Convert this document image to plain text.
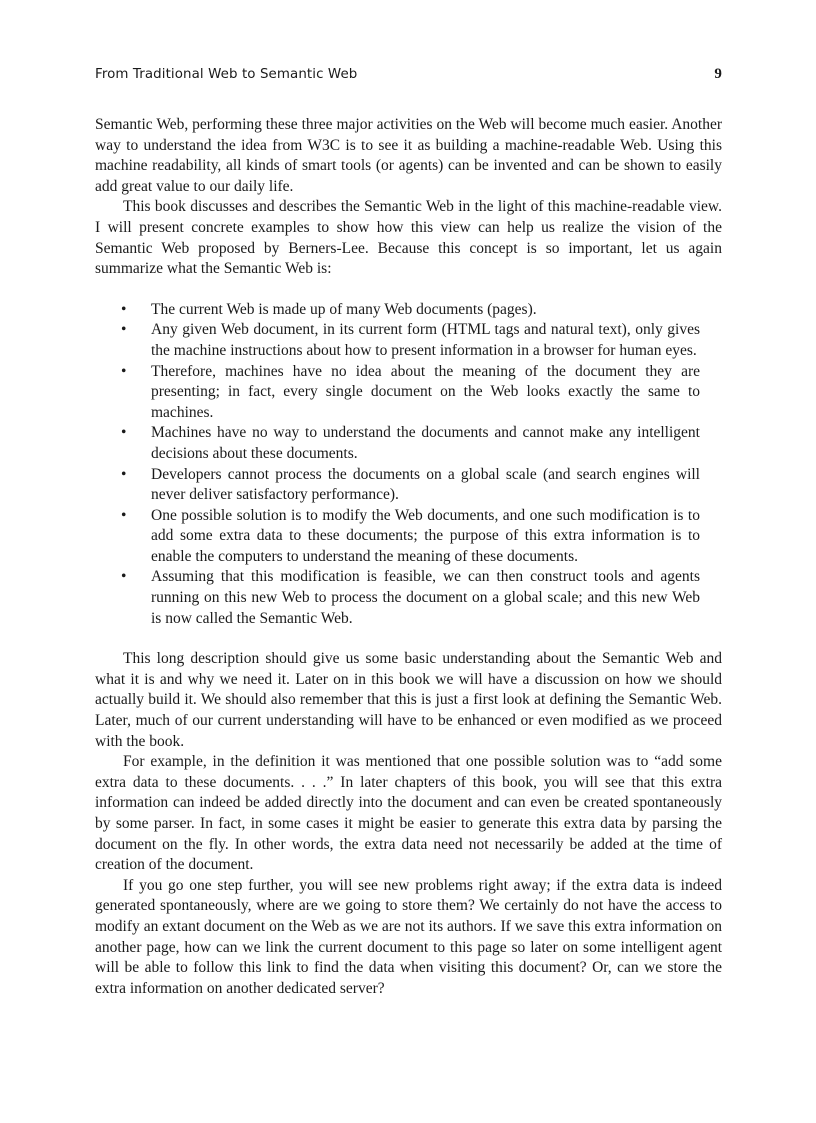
From Traditional Web to Semantic Web	9

Semantic Web, performing these three major activities on the Web will become much easier. Another way to understand the idea from W3C is to see it as building a machine-readable Web. Using this machine readability, all kinds of smart tools (or agents) can be invented and can be shown to easily add great value to our daily life.

This book discusses and describes the Semantic Web in the light of this machine-readable view. I will present concrete examples to show how this view can help us realize the vision of the Semantic Web proposed by Berners-Lee. Because this concept is so important, let us again summarize what the Semantic Web is:

• The current Web is made up of many Web documents (pages).
• Any given Web document, in its current form (HTML tags and natural text), only gives the machine instructions about how to present information in a browser for human eyes.
• Therefore, machines have no idea about the meaning of the document they are presenting; in fact, every single document on the Web looks exactly the same to machines.
• Machines have no way to understand the documents and cannot make any intelligent decisions about these documents.
• Developers cannot process the documents on a global scale (and search engines will never deliver satisfactory performance).
• One possible solution is to modify the Web documents, and one such modification is to add some extra data to these documents; the purpose of this extra information is to enable the computers to understand the meaning of these documents.
• Assuming that this modification is feasible, we can then construct tools and agents running on this new Web to process the document on a global scale; and this new Web is now called the Semantic Web.

This long description should give us some basic understanding about the Semantic Web and what it is and why we need it. Later on in this book we will have a discussion on how we should actually build it. We should also remember that this is just a first look at defining the Semantic Web. Later, much of our current understanding will have to be enhanced or even modified as we proceed with the book.

For example, in the definition it was mentioned that one possible solution was to “add some extra data to these documents. . . .” In later chapters of this book, you will see that this extra information can indeed be added directly into the document and can even be created spontaneously by some parser. In fact, in some cases it might be easier to generate this extra data by parsing the document on the fly. In other words, the extra data need not necessarily be added at the time of creation of the document.

If you go one step further, you will see new problems right away; if the extra data is indeed generated spontaneously, where are we going to store them? We certainly do not have the access to modify an extant document on the Web as we are not its authors. If we save this extra information on another page, how can we link the current document to this page so later on some intelligent agent will be able to follow this link to find the data when visiting this document? Or, can we store the extra information on another dedicated server?
